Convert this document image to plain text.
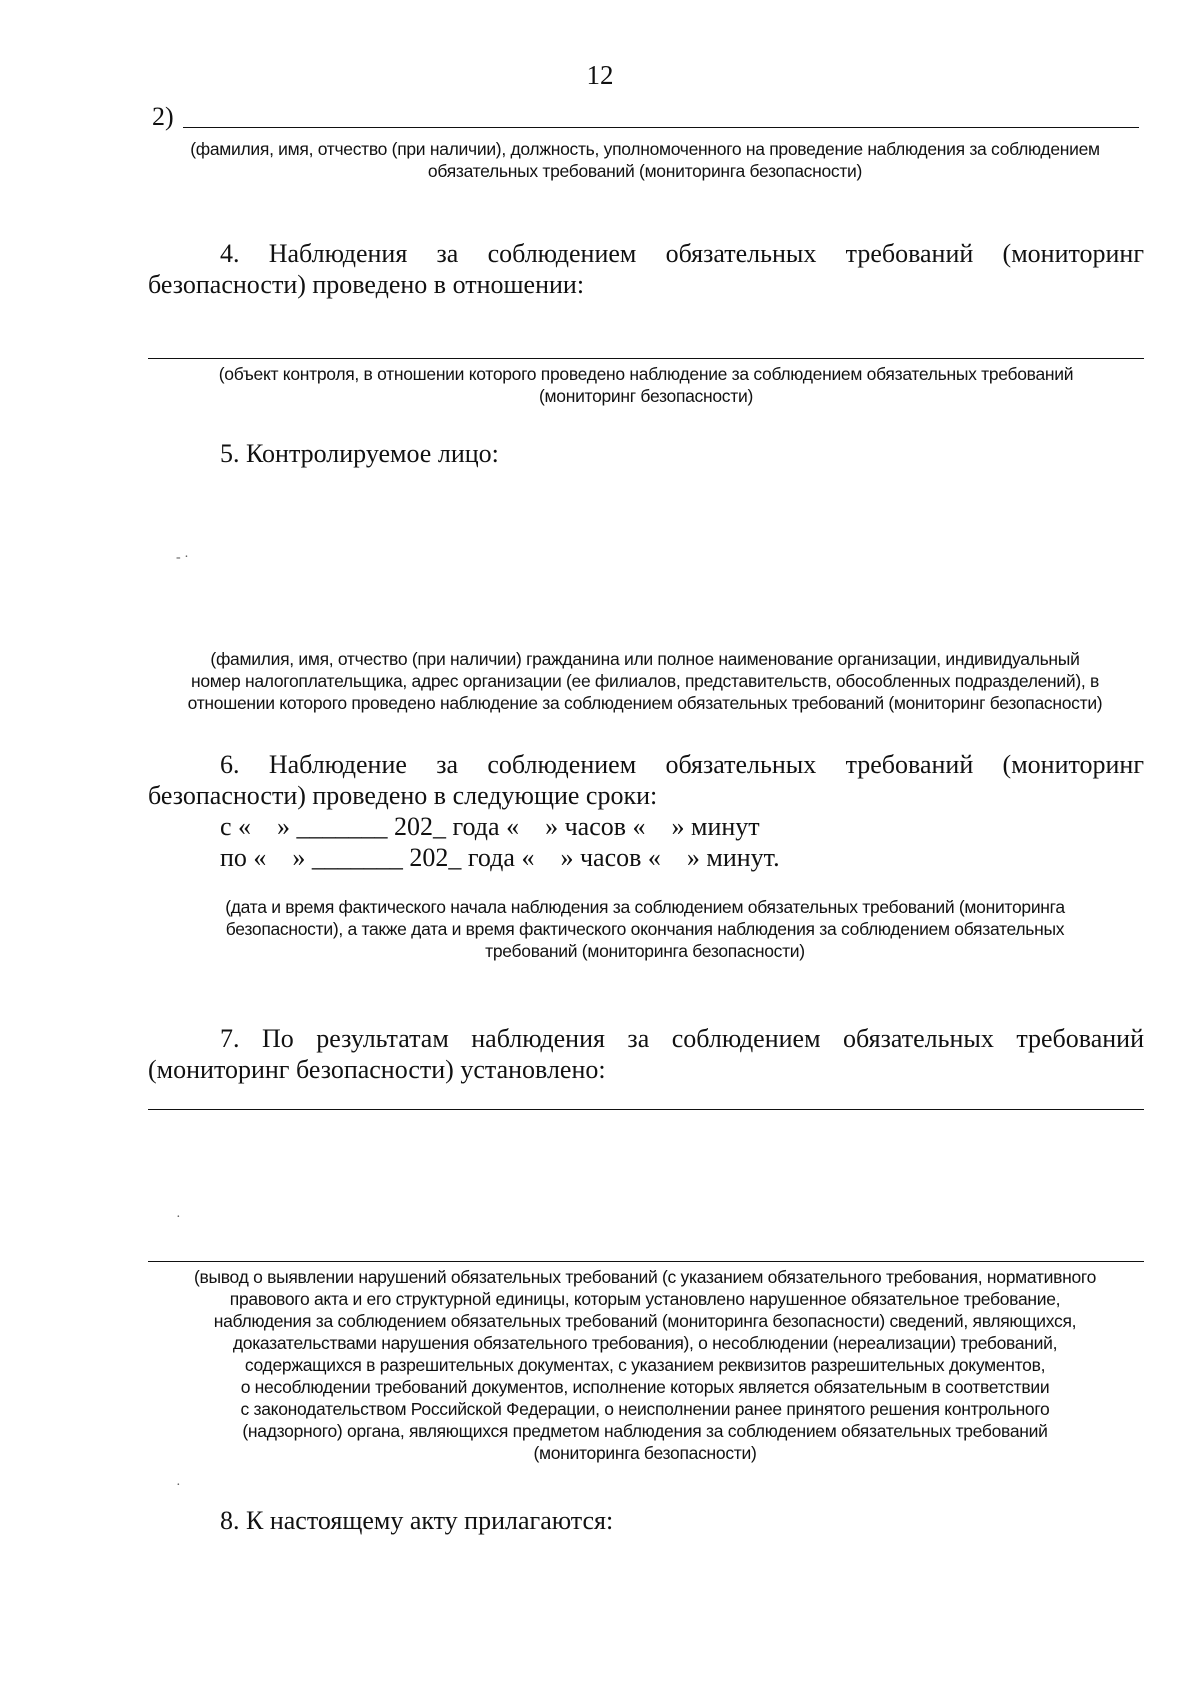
12
2)
(фамилия, имя, отчество (при наличии), должность, уполномоченного на проведение наблюдения за соблюдением
обязательных требований (мониторинга безопасности)
4. Наблюдения за соблюдением обязательных требований (мониторинг
безопасности) проведено в отношении:
(объект контроля, в отношении которого проведено наблюдение за соблюдением обязательных требований
(мониторинг безопасности)
5. Контролируемое лицо:
- ·
(фамилия, имя, отчество (при наличии) гражданина или полное наименование организации, индивидуальный
номер налогоплательщика, адрес организации (ее филиалов, представительств, обособленных подразделений), в
отношении которого проведено наблюдение за соблюдением обязательных требований (мониторинг безопасности)
6. Наблюдение за соблюдением обязательных требований (мониторинг
безопасности) проведено в следующие сроки:
с «    » _______ 202_ года «    » часов «    » минут
по «    » _______ 202_ года «    » часов «    » минут.
(дата и время фактического начала наблюдения за соблюдением обязательных требований (мониторинга
безопасности), а также дата и время фактического окончания наблюдения за соблюдением обязательных
требований (мониторинга безопасности)
7. По результатам наблюдения за соблюдением обязательных требований
(мониторинг безопасности) установлено:
·
(вывод о выявлении нарушений обязательных требований (с указанием обязательного требования, нормативного
правового акта и его структурной единицы, которым установлено нарушенное обязательное требование,
наблюдения за соблюдением обязательных требований (мониторинга безопасности) сведений, являющихся,
доказательствами нарушения обязательного требования), о несоблюдении (нереализации) требований,
содержащихся в разрешительных документах, с указанием реквизитов разрешительных документов,
о несоблюдении требований документов, исполнение которых является обязательным в соответствии
с законодательством Российской Федерации, о неисполнении ранее принятого решения контрольного
(надзорного) органа, являющихся предметом наблюдения за соблюдением обязательных требований
(мониторинга безопасности)
·
8. К настоящему акту прилагаются:
